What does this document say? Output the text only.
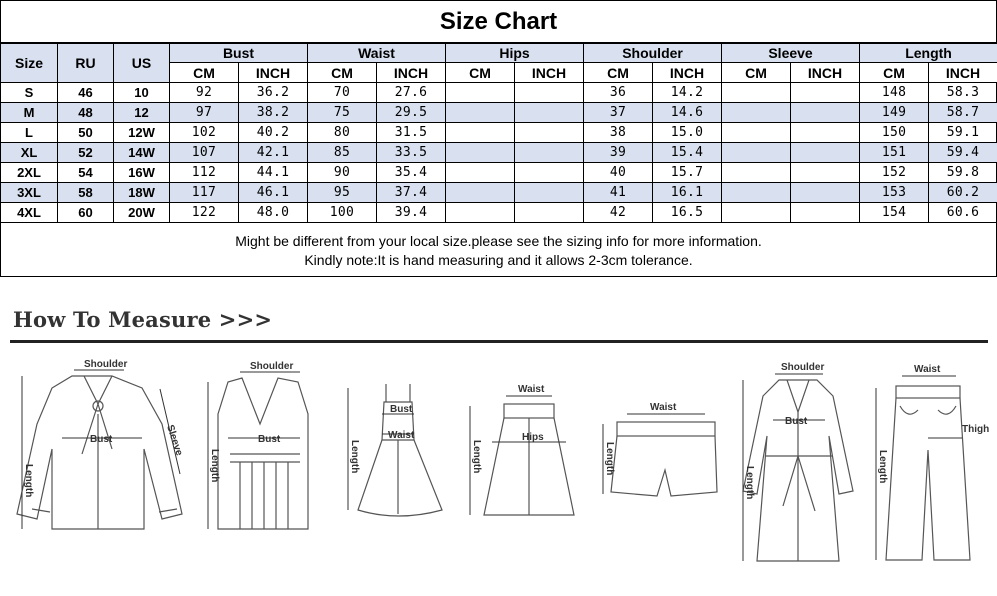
Size Chart
Size	RU	US	Bust		Waist		Hips		Shoulder		Sleeve		Length	
			CM	INCH	CM	INCH	CM	INCH	CM	INCH	CM	INCH	CM	INCH
S	46	10	92	36.2	70	27.6			36	14.2			148	58.3
M	48	12	97	38.2	75	29.5			37	14.6			149	58.7
L	50	12W	102	40.2	80	31.5			38	15.0			150	59.1
XL	52	14W	107	42.1	85	33.5			39	15.4			151	59.4
2XL	54	16W	112	44.1	90	35.4			40	15.7			152	59.8
3XL	58	18W	117	46.1	95	37.4			41	16.1			153	60.2
4XL	60	20W	122	48.0	100	39.4			42	16.5			154	60.6
Might be different from your local size.please see the sizing info for more information.
Kindly note:It is hand measuring and it allows 2-3cm tolerance.
How To Measure >>>
Shoulder
Bust	Sleeve
Length
Shoulder
Bust
Length
Bust
Waist
Length
Waist
Hips
Length
Waist
Length
Shoulder
Bust
Length
Waist
Thigh
Length
